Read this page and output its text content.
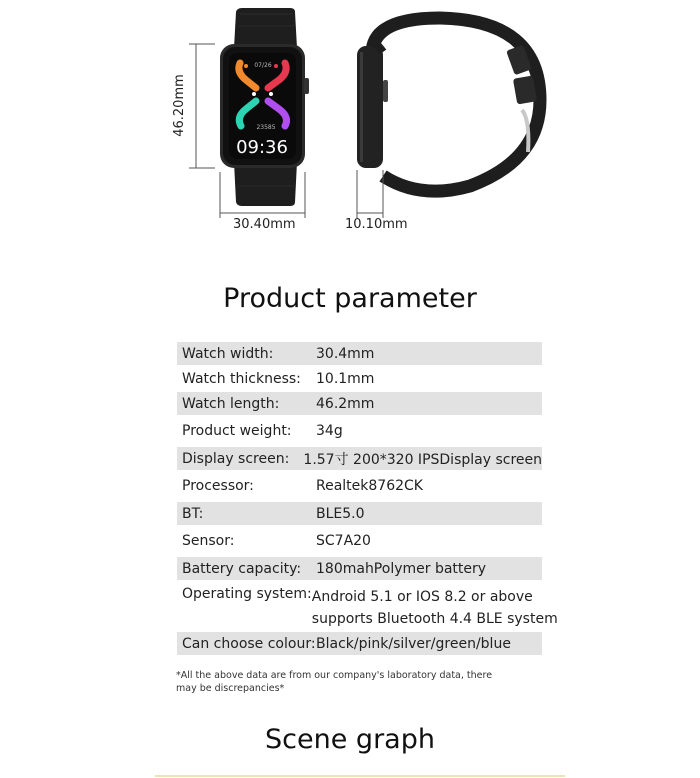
07/26
23585
09:36
46.20mm
30.40mm	10.10mm
Product parameter
Watch width:	30.4mm
Watch thickness:	10.1mm
Watch length:	46.2mm
Product weight:	34g
Display screen:	1.57寸 200*320 IPSDisplay screen
Processor:	Realtek8762CK
BT:	BLE5.0
Sensor:	SC7A20
Battery capacity:	180mahPolymer battery
Operating system: Android 5.1 or IOS 8.2 or above
supports Bluetooth 4.4 BLE system
Can choose colour: Black/pink/silver/green/blue
*All the above data are from our company's laboratory data, there may be discrepancies*
Scene graph
